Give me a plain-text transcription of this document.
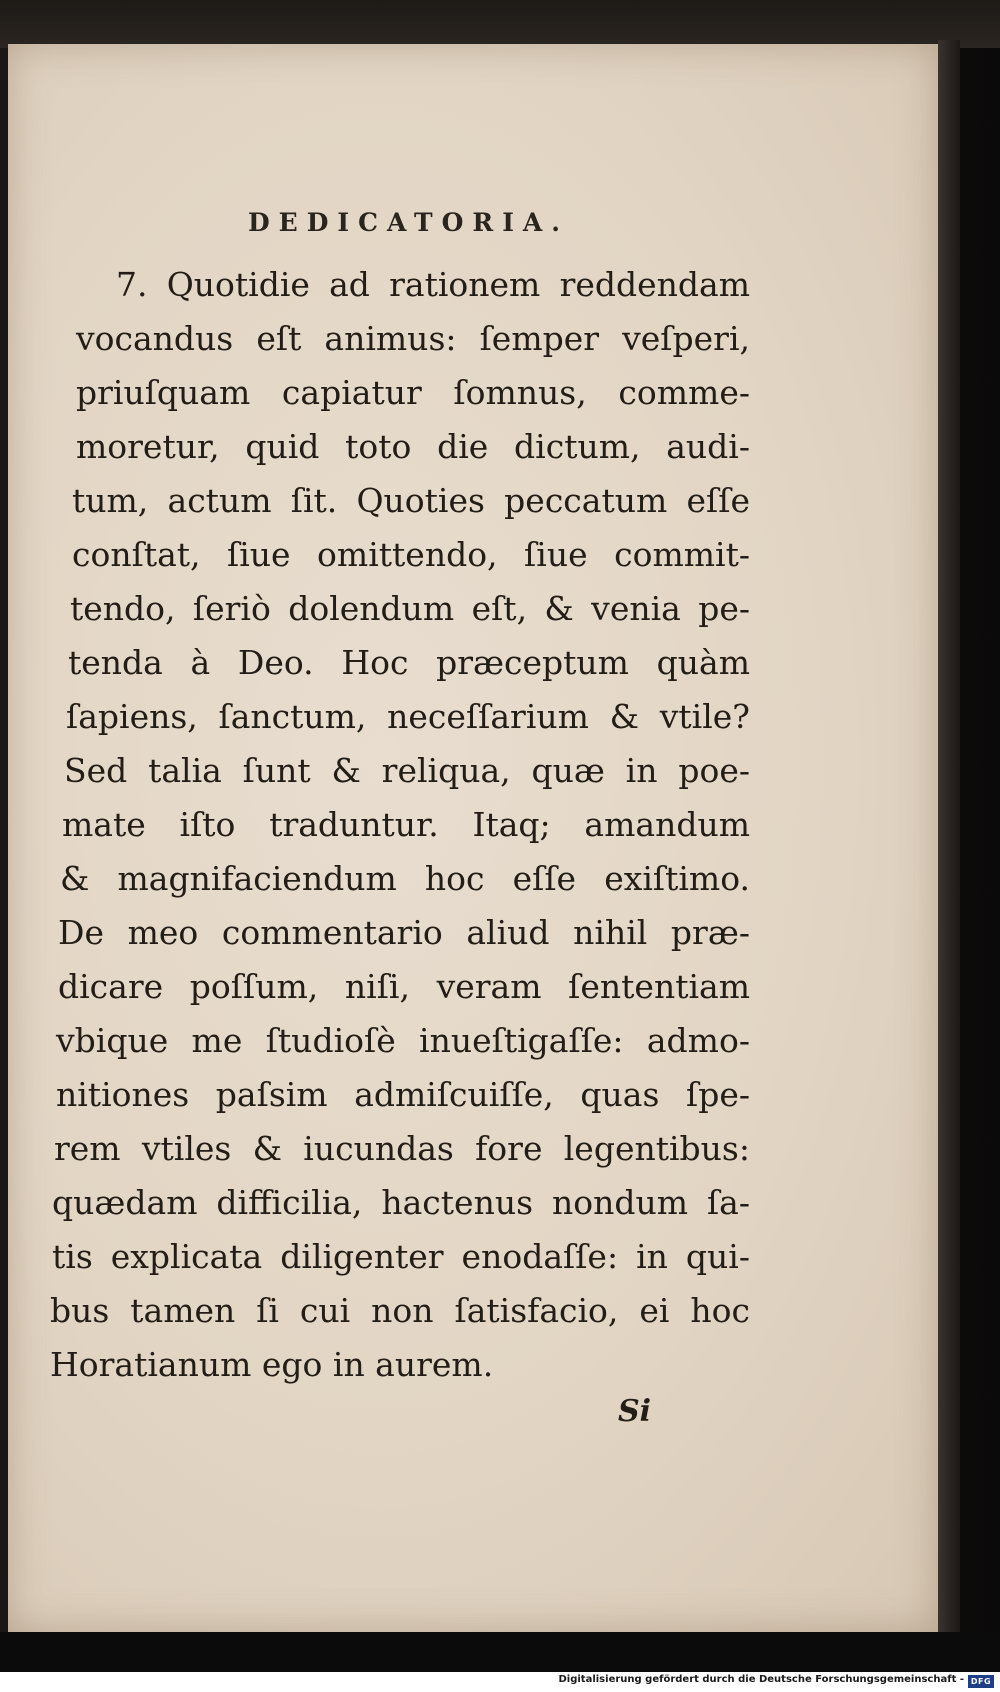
DEDICATORIA.
7. Quotidie ad rationem reddendam
vocandus eſt animus: ſemper veſperi,
priuſquam capiatur ſomnus, comme-
moretur, quid toto die dictum, audi-
tum, actum ſit. Quoties peccatum eſſe
conſtat, ſiue omittendo, ſiue commit-
tendo, ſeriò dolendum eſt, & venia pe-
tenda à Deo. Hoc præceptum quàm
ſapiens, ſanctum, neceſſarium & vtile?
Sed talia ſunt & reliqua, quæ in poe-
mate iſto traduntur. Itaq; amandum
& magnifaciendum hoc eſſe exiſtimo.
De meo commentario aliud nihil præ-
dicare poſſum, niſi, veram ſententiam
vbique me ſtudioſè inueſtigaſſe: admo-
nitiones paſsim admiſcuiſſe, quas ſpe-
rem vtiles & iucundas fore legentibus:
quædam difficilia, hactenus nondum ſa-
tis explicata diligenter enodaſſe: in qui-
bus tamen ſi cui non ſatisfacio, ei hoc
Horatianum ego in aurem.
Si
Digitalisierung gefördert durch die Deutsche Forschungsgemeinschaft - DFG
